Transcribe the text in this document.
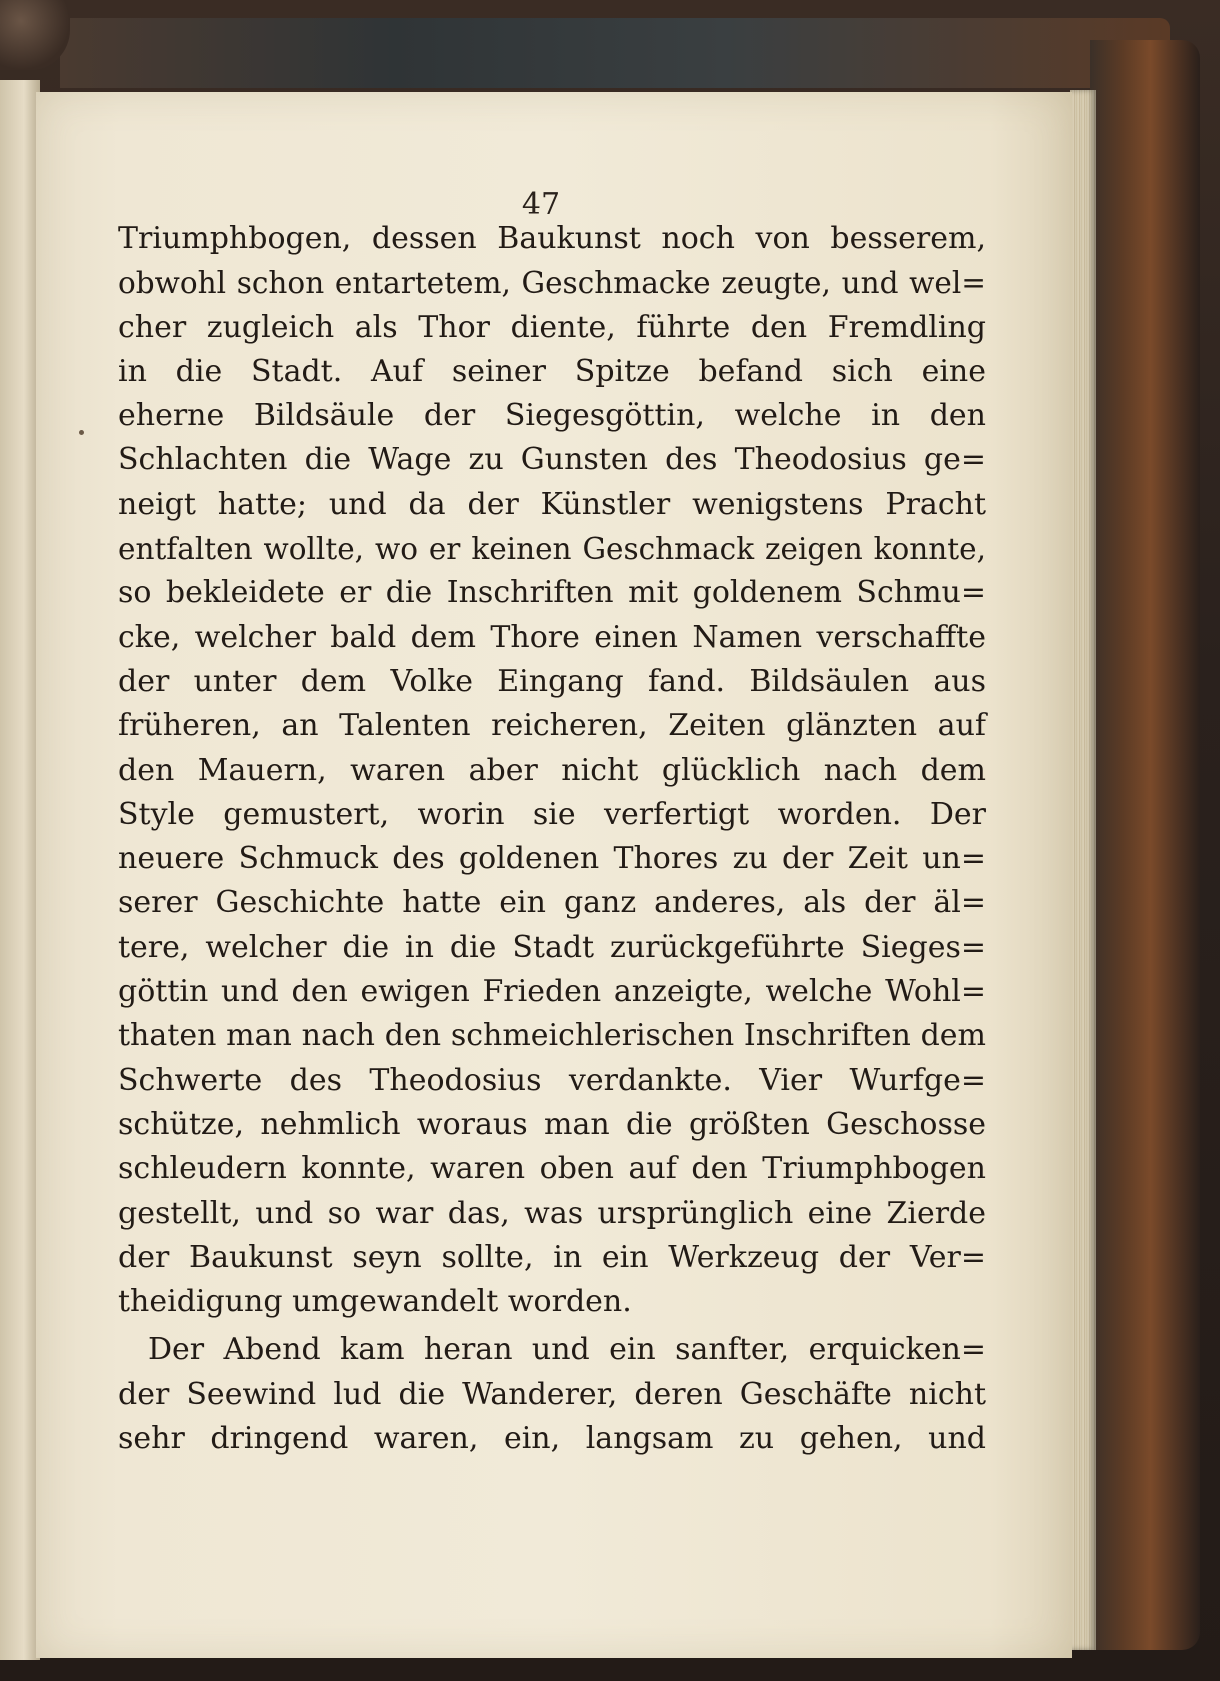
47
Triumphbogen, dessen Baukunst noch von besserem,
obwohl schon entartetem, Geschmacke zeugte, und wel=
cher zugleich als Thor diente, führte den Fremdling
in die Stadt. Auf seiner Spitze befand sich eine
eherne Bildsäule der Siegesgöttin, welche in den
Schlachten die Wage zu Gunsten des Theodosius ge=
neigt hatte; und da der Künstler wenigstens Pracht
entfalten wollte, wo er keinen Geschmack zeigen konnte,
so bekleidete er die Inschriften mit goldenem Schmu=
cke, welcher bald dem Thore einen Namen verschaffte
der unter dem Volke Eingang fand. Bildsäulen aus
früheren, an Talenten reicheren, Zeiten glänzten auf
den Mauern, waren aber nicht glücklich nach dem
Style gemustert, worin sie verfertigt worden. Der
neuere Schmuck des goldenen Thores zu der Zeit un=
serer Geschichte hatte ein ganz anderes, als der äl=
tere, welcher die in die Stadt zurückgeführte Sieges=
göttin und den ewigen Frieden anzeigte, welche Wohl=
thaten man nach den schmeichlerischen Inschriften dem
Schwerte des Theodosius verdankte. Vier Wurfge=
schütze, nehmlich woraus man die größten Geschosse
schleudern konnte, waren oben auf den Triumphbogen
gestellt, und so war das, was ursprünglich eine Zierde
der Baukunst seyn sollte, in ein Werkzeug der Ver=
theidigung umgewandelt worden.
Der Abend kam heran und ein sanfter, erquicken=
der Seewind lud die Wanderer, deren Geschäfte nicht
sehr dringend waren, ein, langsam zu gehen, und
